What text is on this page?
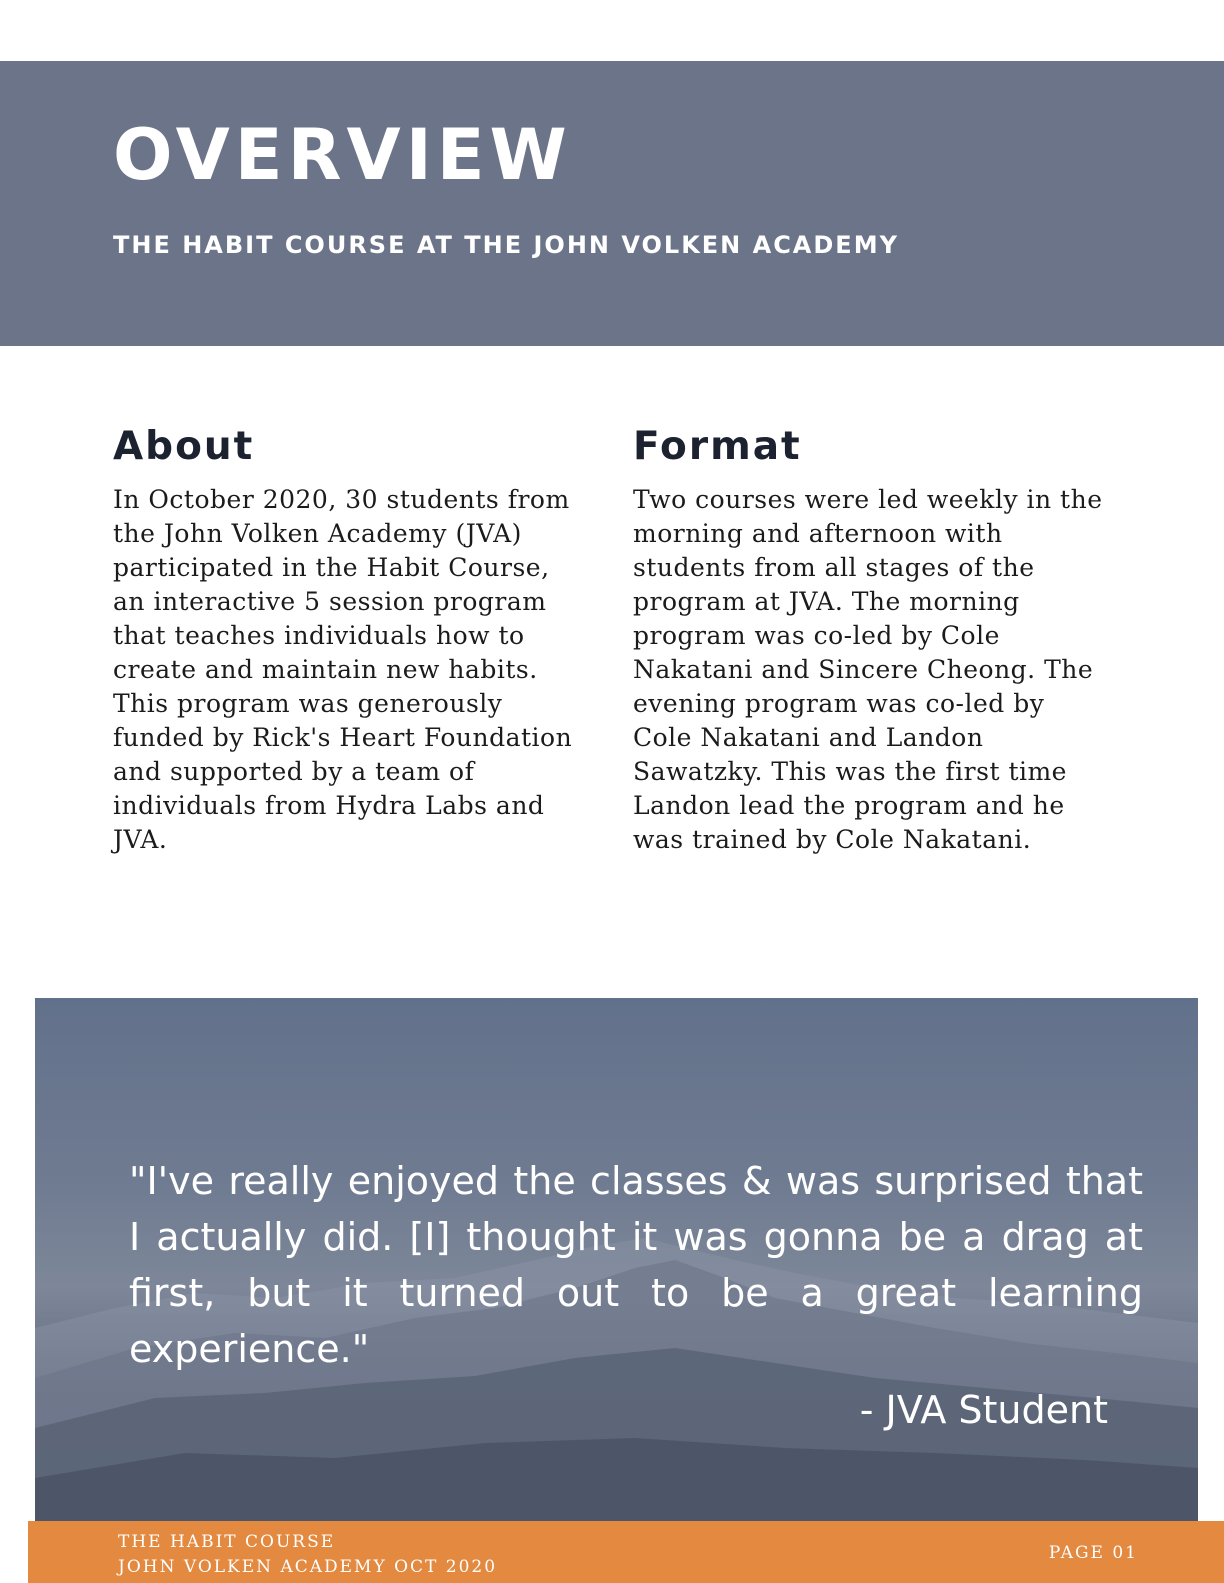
OVERVIEW
THE HABIT COURSE AT THE JOHN VOLKEN ACADEMY
About

In October 2020, 30 students from the John Volken Academy (JVA) participated in the Habit Course, an interactive 5 session program that teaches individuals how to create and maintain new habits. This program was generously funded by Rick's Heart Foundation and supported by a team of individuals from Hydra Labs and JVA.

Format

Two courses were led weekly in the morning and afternoon with students from all stages of the program at JVA. The morning program was co-led by Cole Nakatani and Sincere Cheong. The evening program was co-led by Cole Nakatani and Landon Sawatzky. This was the first time Landon lead the program and he was trained by Cole Nakatani.

"I've really enjoyed the classes & was surprised that I actually did. [I] thought it was gonna be a drag at first, but it turned out to be a great learning experience."

- JVA Student

THE HABIT COURSE
JOHN VOLKEN ACADEMY OCT 2020
PAGE 01
